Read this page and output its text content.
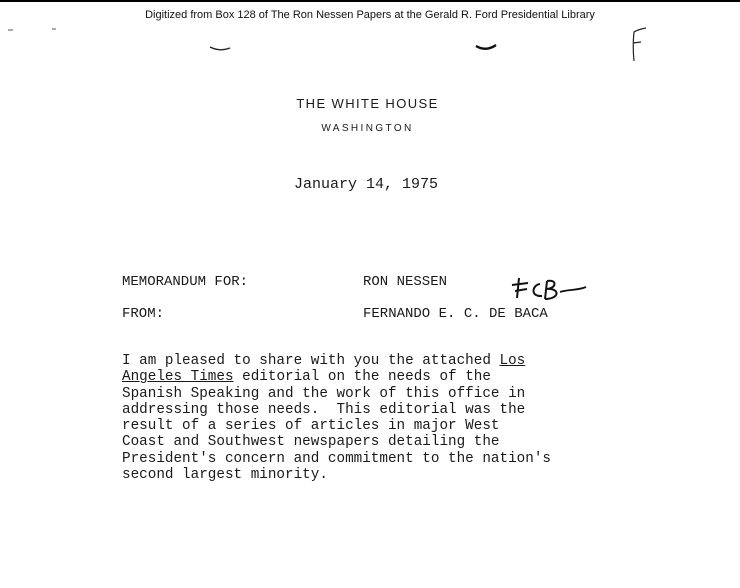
Digitized from Box 128 of The Ron Nessen Papers at the Gerald R. Ford Presidential Library
THE WHITE HOUSE
WASHINGTON
January 14, 1975
MEMORANDUM FOR:	RON NESSEN
FROM:	FERNANDO E. C. DE BACA
I am pleased to share with you the attached Los
Angeles Times editorial on the needs of the
Spanish Speaking and the work of this office in
addressing those needs.  This editorial was the
result of a series of articles in major West
Coast and Southwest newspapers detailing the
President's concern and commitment to the nation's
second largest minority.
